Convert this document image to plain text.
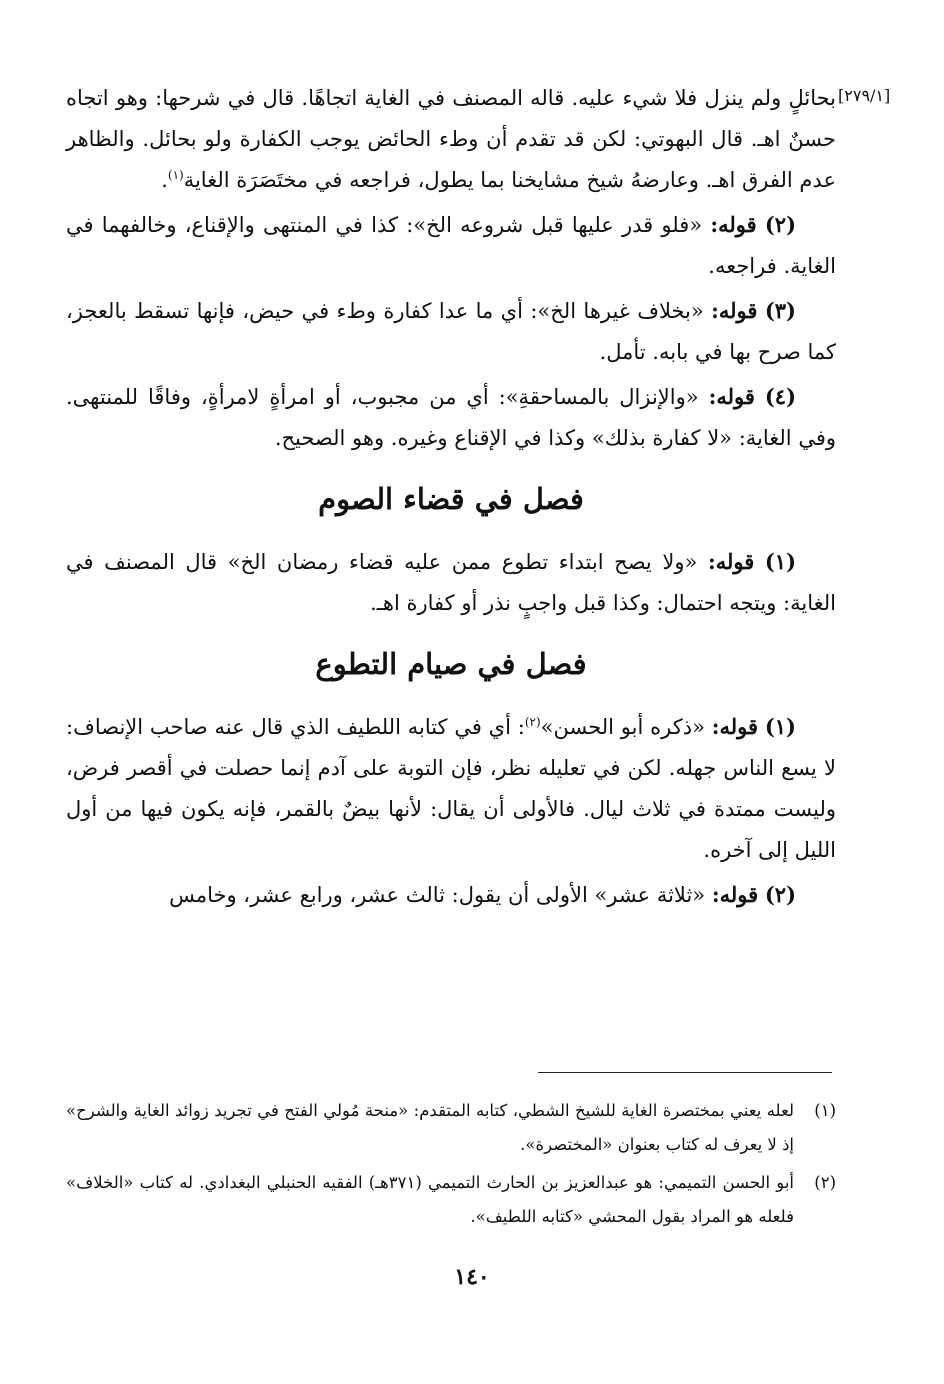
[٢٧٩/١]

بحائلٍ ولم ينزل فلا شيء عليه. قاله المصنف في الغاية اتجاهًا. قال في شرحها: وهو اتجاه حسنٌ اهـ. قال البهوتي: لكن قد تقدم أن وطء الحائض يوجب الكفارة ولو بحائل. والظاهر عدم الفرق اهـ. وعارضهُ شيخ مشايخنا بما يطول، فراجعه في مختَصَرَة الغاية$^{(١)}$.

(٢) قوله: «فلو قدر عليها قبل شروعه الخ»: كذا في المنتهى والإقناع، وخالفهما في الغاية. فراجعه.

(٣) قوله: «بخلاف غيرها الخ»: أي ما عدا كفارة وطء في حيض، فإنها تسقط بالعجز، كما صرح بها في بابه. تأمل.

(٤) قوله: «والإنزال بالمساحقةِ»: أي من مجبوب، أو امرأةٍ لامرأةٍ، وفاقًا للمنتهى. وفي الغاية: «لا كفارة بذلك» وكذا في الإقناع وغيره. وهو الصحيح.

فصل في قضاء الصوم

(١) قوله: «ولا يصح ابتداء تطوع ممن عليه قضاء رمضان الخ» قال المصنف في الغاية: ويتجه احتمال: وكذا قبل واجبٍ نذر أو كفارة اهـ.

فصل في صيام التطوع

(١) قوله: «ذكره أبو الحسن»$^{(٢)}$: أي في كتابه اللطيف الذي قال عنه صاحب الإنصاف: لا يسع الناس جهله. لكن في تعليله نظر، فإن التوبة على آدم إنما حصلت في أقصر فرض، وليست ممتدة في ثلاث ليال. فالأولى أن يقال: لأنها بيضٌ بالقمر، فإنه يكون فيها من أول الليل إلى آخره.

(٢) قوله: «ثلاثة عشر» الأولى أن يقول: ثالث عشر، ورابع عشر، وخامس

(١)
لعله يعني بمختصرة الغاية للشيخ الشطي، كتابه المتقدم: «منحة مُولي الفتح في تجريد زوائد الغاية والشرح» إذ لا يعرف له كتاب بعنوان «المختصرة».
(٢)
أبو الحسن التميمي: هو عبدالعزيز بن الحارث التميمي (٣٧١هـ) الفقيه الحنبلي البغدادي. له كتاب «الخلاف» فلعله هو المراد بقول المحشي «كتابه اللطيف».
١٤٠
